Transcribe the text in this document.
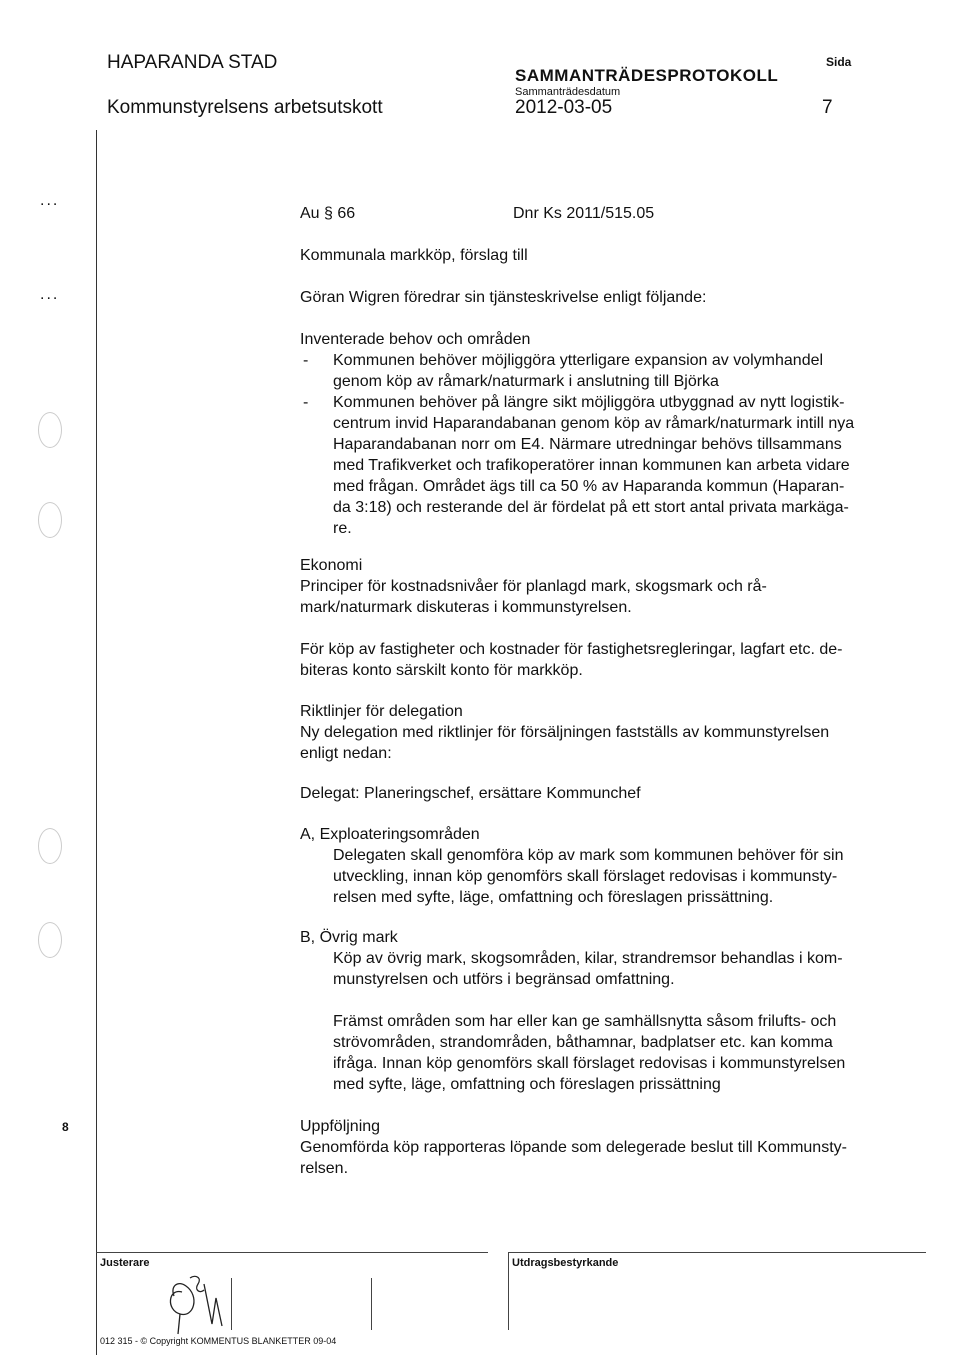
HAPARANDA STAD
Kommunstyrelsens arbetsutskott
SAMMANTRÄDESPROTOKOLL
Sammanträdesdatum
2012-03-05
Sida
7
...
...
8
Au § 66	Dnr Ks 2011/515.05
Kommunala markköp, förslag till
Göran Wigren föredrar sin tjänsteskrivelse enligt följande:
Inventerade behov och områden
- Kommunen behöver möjliggöra ytterligare expansion av volymhandel
genom köp av råmark/naturmark i anslutning till Björka
- Kommunen behöver på längre sikt möjliggöra utbyggnad av nytt logistik-
centrum invid Haparandabanan genom köp av råmark/naturmark intill nya
Haparandabanan norr om E4. Närmare utredningar behövs tillsammans
med Trafikverket och trafikoperatörer innan kommunen kan arbeta vidare
med frågan. Området ägs till ca 50 % av Haparanda kommun (Haparan-
da 3:18) och resterande del är fördelat på ett stort antal privata markäga-
re.
Ekonomi
Principer för kostnadsnivåer för planlagd mark, skogsmark och rå-
mark/naturmark diskuteras i kommunstyrelsen.
För köp av fastigheter och kostnader för fastighetsregleringar, lagfart etc. de-
biteras konto särskilt konto för markköp.
Riktlinjer för delegation
Ny delegation med riktlinjer för försäljningen fastställs av kommunstyrelsen
enligt nedan:
Delegat: Planeringschef, ersättare Kommunchef
A, Exploateringsområden
Delegaten skall genomföra köp av mark som kommunen behöver för sin
utveckling, innan köp genomförs skall förslaget redovisas i kommunsty-
relsen med syfte, läge, omfattning och föreslagen prissättning.
B, Övrig mark
Köp av övrig mark, skogsområden, kilar, strandremsor behandlas i kom-
munstyrelsen och utförs i begränsad omfattning.
Främst områden som har eller kan ge samhällsnytta såsom frilufts- och
strövområden, strandområden, båthamnar, badplatser etc. kan komma
ifråga. Innan köp genomförs skall förslaget redovisas i kommunstyrelsen
med syfte, läge, omfattning och föreslagen prissättning
Uppföljning
Genomförda köp rapporteras löpande som delegerade beslut till Kommunsty-
relsen.
Justerare	Utdragsbestyrkande
012 315 - © Copyright KOMMENTUS BLANKETTER 09-04
